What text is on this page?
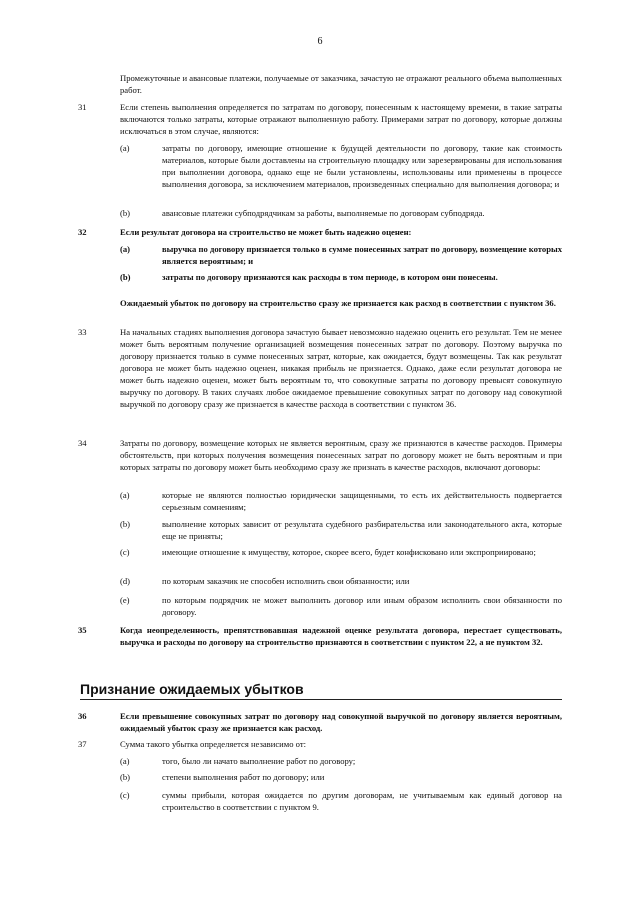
6
Промежуточные и авансовые платежи, получаемые от заказчика, зачастую не отражают реального объема выполненных работ.
31	Если степень выполнения определяется по затратам по договору, понесенным к настоящему времени, в такие затраты включаются только затраты, которые отражают выполненную работу. Примерами затрат по договору, которые должны исключаться в этом случае, являются:
(a)	затраты по договору, имеющие отношение к будущей деятельности по договору, такие как стоимость материалов, которые были доставлены на строительную площадку или зарезервированы для использования при выполнении договора, однако еще не были установлены, использованы или применены в процессе выполнения договора, за исключением материалов, произведенных специально для выполнения договора; и
(b)	авансовые платежи субподрядчикам за работы, выполняемые по договорам субподряда.
32	Если результат договора на строительство не может быть надежно оценен:
(a)	выручка по договору признается только в сумме понесенных затрат по договору, возмещение которых является вероятным; и
(b)	затраты по договору признаются как расходы в том периоде, в котором они понесены.
Ожидаемый убыток по договору на строительство сразу же признается как расход в соответствии с пунктом 36.
33	На начальных стадиях выполнения договора зачастую бывает невозможно надежно оценить его результат. Тем не менее может быть вероятным получение организацией возмещения понесенных затрат по договору. Поэтому выручка по договору признается только в сумме понесенных затрат, которые, как ожидается, будут возмещены. Так как результат договора не может быть надежно оценен, никакая прибыль не признается. Однако, даже если результат договора не может быть надежно оценен, может быть вероятным то, что совокупные затраты по договору превысят совокупную выручку по договору. В таких случаях любое ожидаемое превышение совокупных затрат по договору над совокупной выручкой по договору сразу же признается в качестве расхода в соответствии с пунктом 36.
34	Затраты по договору, возмещение которых не является вероятным, сразу же признаются в качестве расходов. Примеры обстоятельств, при которых получения возмещения понесенных затрат по договору может не быть вероятным и при которых затраты по договору может быть необходимо сразу же признать в качестве расходов, включают договоры:
(a)	которые не являются полностью юридически защищенными, то есть их действительность подвергается серьезным сомнениям;
(b)	выполнение которых зависит от результата судебного разбирательства или законодательного акта, которые еще не приняты;
(c)	имеющие отношение к имуществу, которое, скорее всего, будет конфисковано или экспроприировано;
(d)	по которым заказчик не способен исполнить свои обязанности; или
(e)	по которым подрядчик не может выполнить договор или иным образом исполнить свои обязанности по договору.
35	Когда неопределенность, препятствовавшая надежной оценке результата договора, перестает существовать, выручка и расходы по договору на строительство признаются в соответствии с пунктом 22, а не пунктом 32.
Признание ожидаемых убытков
36	Если превышение совокупных затрат по договору над совокупной выручкой по договору является вероятным, ожидаемый убыток сразу же признается как расход.
37	Сумма такого убытка определяется независимо от:
(a)	того, было ли начато выполнение работ по договору;
(b)	степени выполнения работ по договору; или
(c)	суммы прибыли, которая ожидается по другим договорам, не учитываемым как единый договор на строительство в соответствии с пунктом 9.
